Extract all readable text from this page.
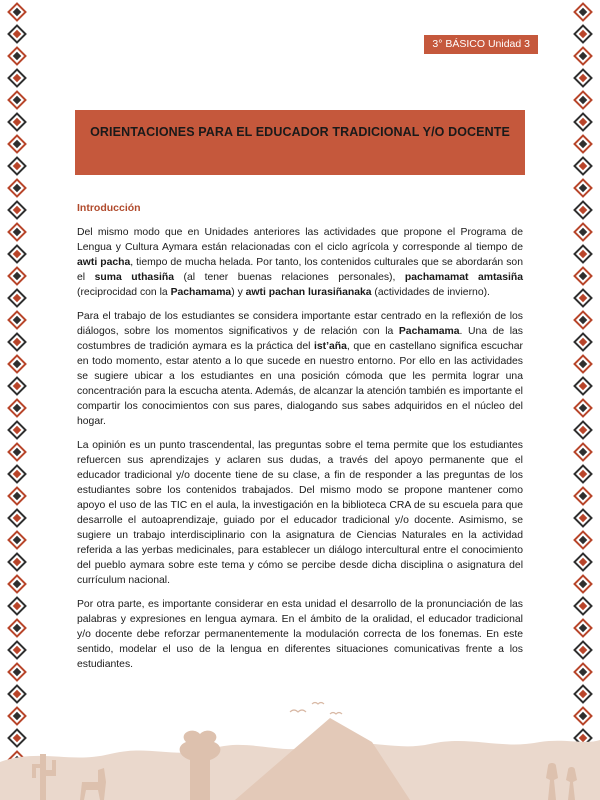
3° BÁSICO Unidad 3
ORIENTACIONES PARA EL EDUCADOR TRADICIONAL Y/O DOCENTE
Introducción

Del mismo modo que en Unidades anteriores las actividades que propone el Programa de Lengua y Cultura Aymara están relacionadas con el ciclo agrícola y corresponde al tiempo de awti pacha, tiempo de mucha helada. Por tanto, los contenidos culturales que se abordarán son el suma uthasiña (al tener buenas relaciones personales), pachamamat amtasiña (reciprocidad con la Pachamama) y awti pachan lurasiñanaka (actividades de invierno).

Para el trabajo de los estudiantes se considera importante estar centrado en la reflexión de los diálogos, sobre los momentos significativos y de relación con la Pachamama. Una de las costumbres de tradición aymara es la práctica del ist’aña, que en castellano significa escuchar en todo momento, estar atento a lo que sucede en nuestro entorno. Por ello en las actividades se sugiere ubicar a los estudiantes en una posición cómoda que les permita lograr una concentración para la escucha atenta. Además, de alcanzar la atención también es importante el compartir los conocimientos con sus pares, dialogando sus sabes adquiridos en el núcleo del hogar.

La opinión es un punto trascendental, las preguntas sobre el tema permite que los estudiantes refuercen sus aprendizajes y aclaren sus dudas, a través del apoyo permanente que el educador tradicional y/o docente tiene de su clase, a fin de responder a las preguntas de los estudiantes sobre los contenidos trabajados. Del mismo modo se propone mantener como apoyo el uso de las TIC en el aula, la investigación en la biblioteca CRA de su escuela para que desarrolle el autoaprendizaje, guiado por el educador tradicional y/o docente. Asimismo, se sugiere un trabajo interdisciplinario con la asignatura de Ciencias Naturales en la actividad referida a las yerbas medicinales, para establecer un diálogo intercultural entre el conocimiento del pueblo aymara sobre este tema y cómo se percibe desde dicha disciplina o asignatura del currículum nacional.

Por otra parte, es importante considerar en esta unidad el desarrollo de la pronunciación de las palabras y expresiones en lengua aymara. En el ámbito de la oralidad, el educador tradicional y/o docente debe reforzar permanentemente la modulación correcta de los fonemas. En este sentido, modelar el uso de la lengua en diferentes situaciones comunicativas frente a los estudiantes.
